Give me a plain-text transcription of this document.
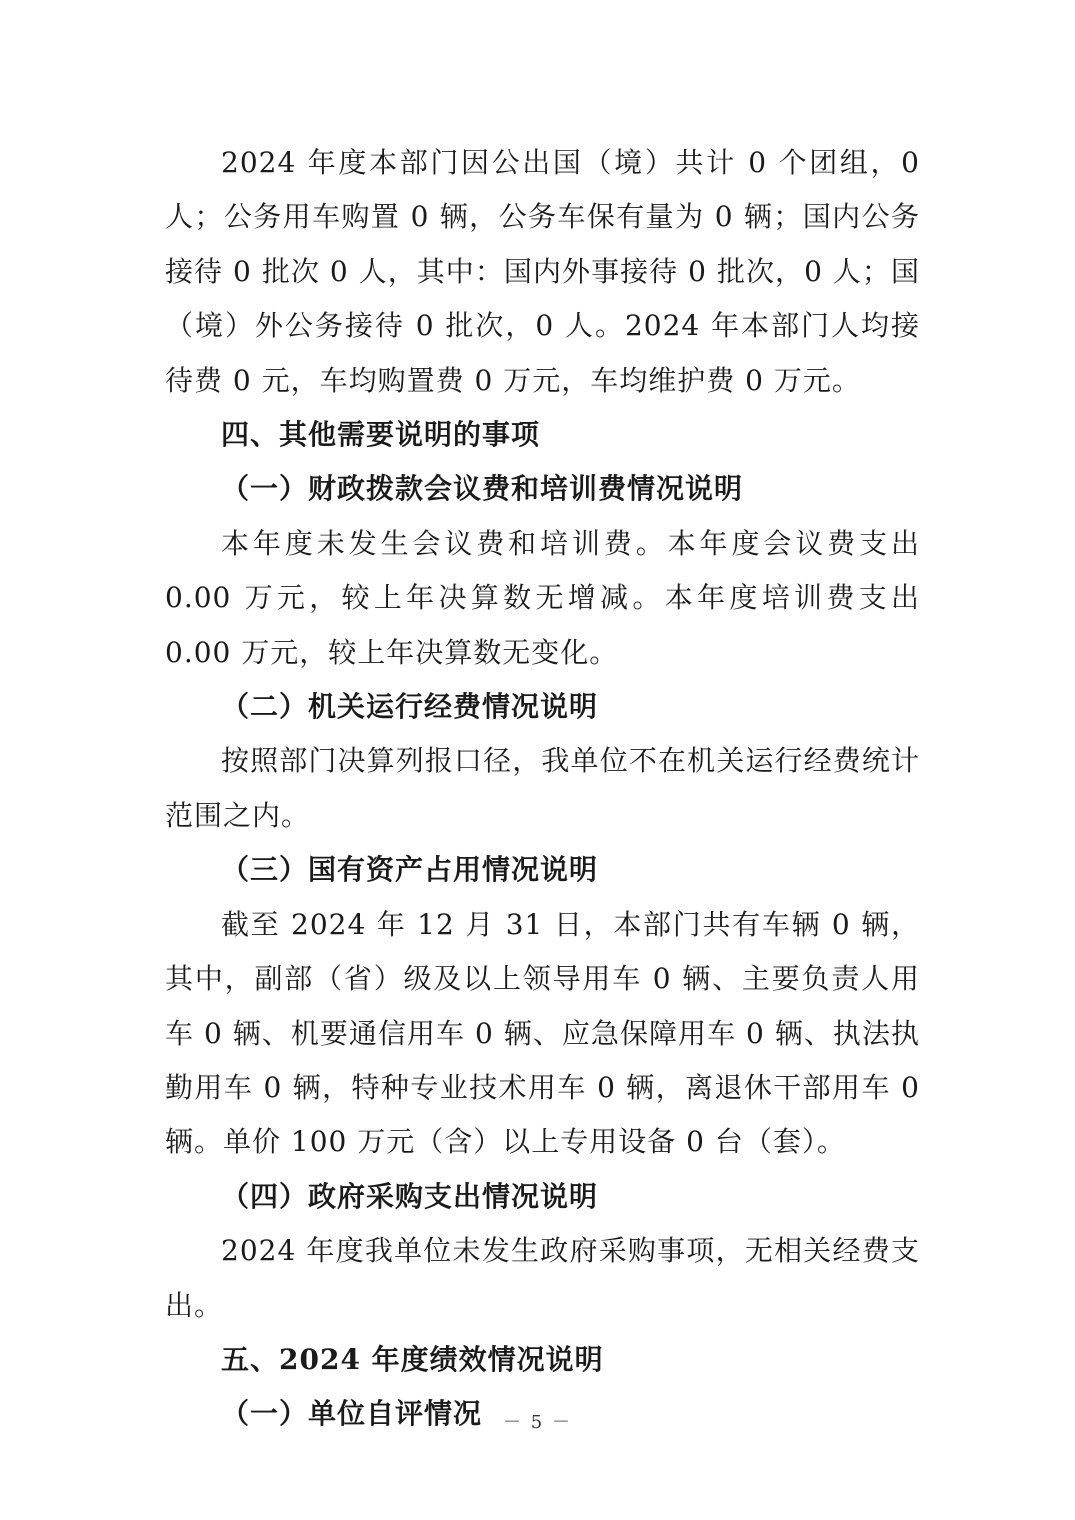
2024 年度本部门因公出国（境）共计 0 个团组，0 人；公务用车购置 0 辆，公务车保有量为 0 辆；国内公务接待 0 批次 0 人，其中：国内外事接待 0 批次，0 人；国（境）外公务接待 0 批次，0 人。2024 年本部门人均接待费 0 元，车均购置费 0 万元，车均维护费 0 万元。

四、其他需要说明的事项

（一）财政拨款会议费和培训费情况说明

本年度未发生会议费和培训费。本年度会议费支出 0.00 万元，较上年决算数无增减。本年度培训费支出 0.00 万元，较上年决算数无变化。

（二）机关运行经费情况说明

按照部门决算列报口径，我单位不在机关运行经费统计范围之内。

（三）国有资产占用情况说明

截至 2024 年 12 月 31 日，本部门共有车辆 0 辆，其中，副部（省）级及以上领导用车 0 辆、主要负责人用车 0 辆、机要通信用车 0 辆、应急保障用车 0 辆、执法执勤用车 0 辆，特种专业技术用车 0 辆，离退休干部用车 0 辆。单价 100 万元（含）以上专用设备 0 台（套）。

（四）政府采购支出情况说明

2024 年度我单位未发生政府采购事项，无相关经费支出。

五、2024 年度绩效情况说明

（一）单位自评情况	－ 5 －
